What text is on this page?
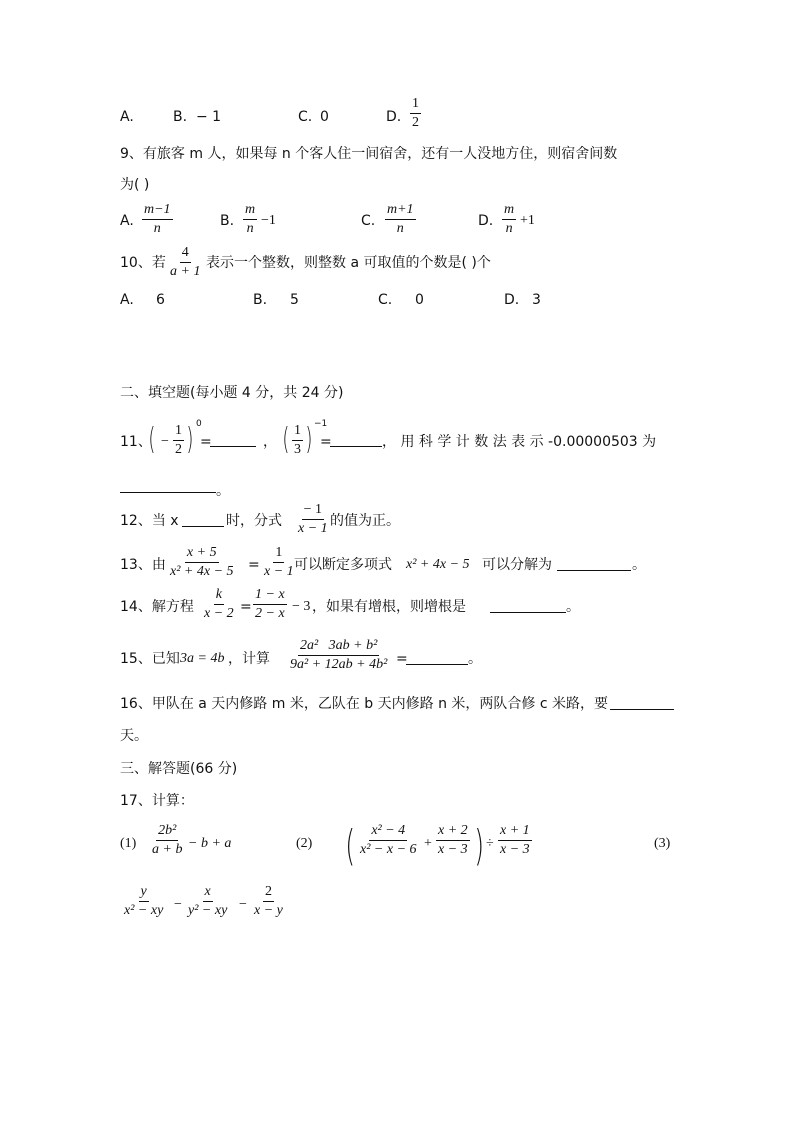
A.	B. − 1	C. 0	D. $\frac{1}{2}$
9、有旅客 m 人，如果每 n 个客人住一间宿舍，还有一人没地方住，则宿舍间数
为( )
A. $\frac{m-1}{n}$	B. $\frac{m}{n} -1$	C. $\frac{m+1}{n}$	D. $\frac{m}{n} +1$
10、若 $\frac{4}{a + 1}$ 表示一个整数，则整数 a 可取值的个数是( )个
A. 6	B. 5	C. 0	D. 3
二、填空题(每小题 4 分，共 24 分)
11、
( − $\frac{1}{2}$ ) 0
=	， ( $\frac{1}{3}$ ) −1
=	， 用 科 学 计 数 法 表 示 -0.00000503 为
。
12、当 x	时，分式 $\frac{- 1}{x - 1}$ 的值为正。
13、由 $\frac{x + 5}{\text{x² + 4x − 5}} = \frac{1}{x - 1}$
可以断定多项式 x² + 4x − 5 可以分解为	。
14、解方程 $\frac{k}{x - 2} = \frac{1 - x}{2 - x} - 3$ ，如果有增根，则增根是	。
15、已知 3a = 4b ，计算 $\frac{\text{2a²   3ab + b²}}{\text{9a² + 12ab + 4b²}}$ =	。
16、甲队在 a 天内修路 m 米，乙队在 b 天内修路 n 米，两队合修 c 米路，要
天。
三、解答题(66 分)
17、计算：
$(1) \frac{\text{2b²}}{a + b} - b + a$	(2) ( $\frac{\text{x² − 4}}{\text{x² − x − 6}} + \frac{x + 2}{x - 3}$ ) ÷ $\frac{x + 1}{x - 3}$	(3)
$\frac{y}{\text{x² − xy}} - \frac{x}{\text{y² − xy}} - \frac{2}{x - y}$
